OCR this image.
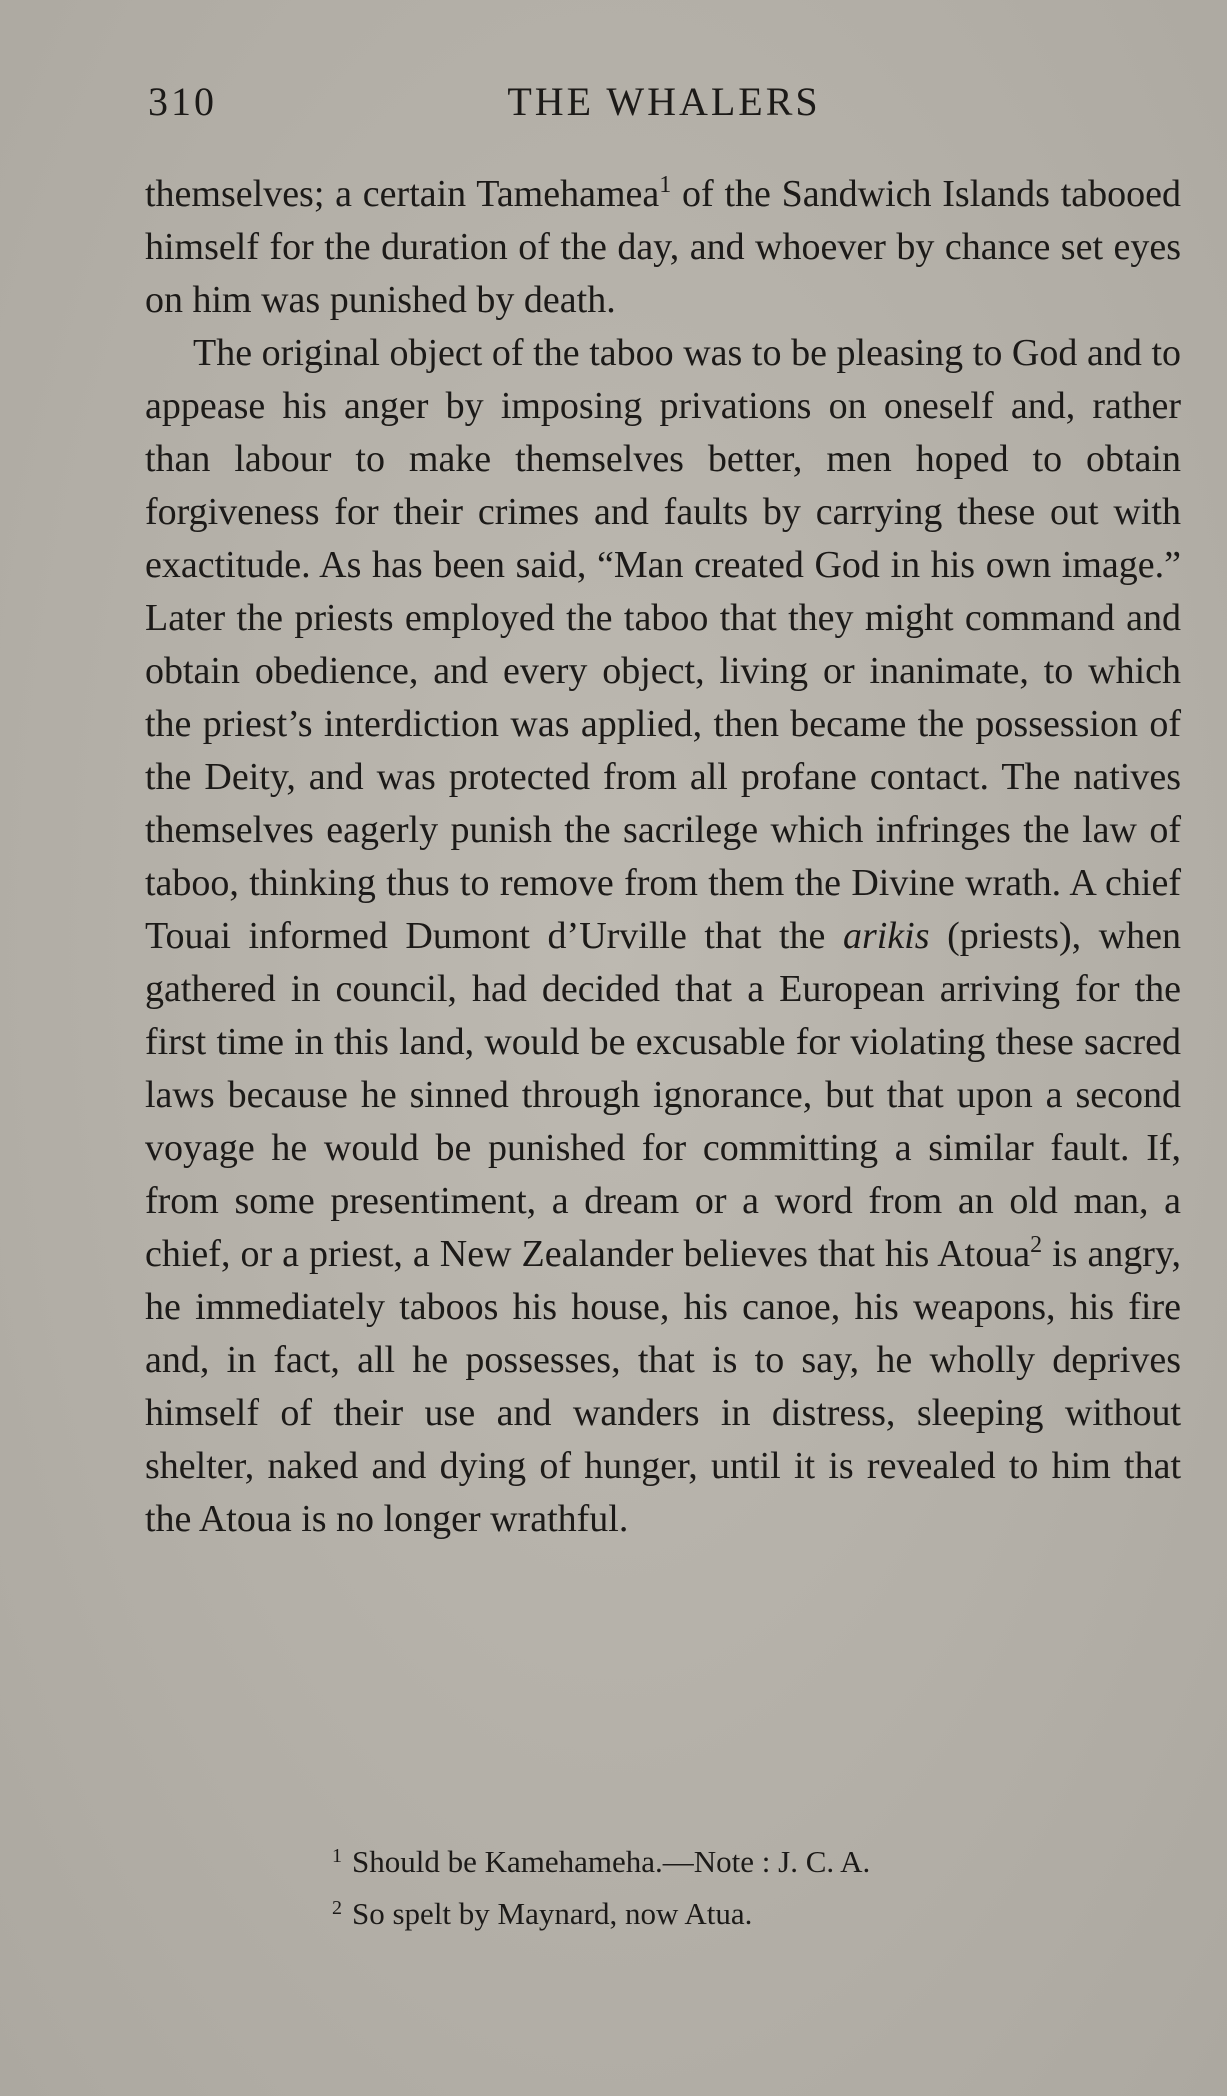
310	THE WHALERS

themselves; a certain Tamehamea$^1$ of the Sandwich Islands tabooed himself for the duration of the day, and whoever by chance set eyes on him was punished by death.

The original object of the taboo was to be pleasing to God and to appease his anger by imposing privations on oneself and, rather than labour to make themselves better, men hoped to obtain forgiveness for their crimes and faults by carrying these out with exactitude. As has been said, “Man created God in his own image.” Later the priests employed the taboo that they might command and obtain obedience, and every object, living or inanimate, to which the priest’s interdiction was applied, then became the possession of the Deity, and was protected from all profane contact. The natives themselves eagerly punish the sacrilege which infringes the law of taboo, thinking thus to remove from them the Divine wrath. A chief Touai informed Dumont d’Urville that the arikis (priests), when gathered in council, had decided that a European arriving for the first time in this land, would be excusable for violating these sacred laws because he sinned through ignorance, but that upon a second voyage he would be punished for committing a similar fault. If, from some presentiment, a dream or a word from an old man, a chief, or a priest, a New Zealander believes that his Atoua$^2$ is angry, he immediately taboos his house, his canoe, his weapons, his fire and, in fact, all he possesses, that is to say, he wholly deprives himself of their use and wanders in distress, sleeping without shelter, naked and dying of hunger, until it is revealed to him that the Atoua is no longer wrathful.

$^1$ Should be Kamehameha.—Note : J. C. A.

$^2$ So spelt by Maynard, now Atua.
